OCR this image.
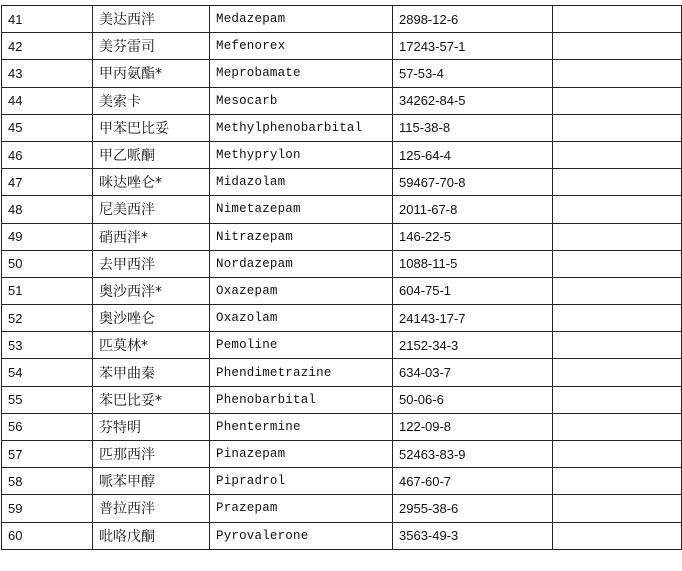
41	美达西泮	Medazepam	2898-12-6	
42	美芬雷司	Mefenorex	17243-57-1	
43	甲丙氨酯*	Meprobamate	57-53-4	
44	美索卡	Mesocarb	34262-84-5	
45	甲苯巴比妥	Methylphenobarbital	115-38-8	
46	甲乙哌酮	Methyprylon	125-64-4	
47	咪达唑仑*	Midazolam	59467-70-8	
48	尼美西泮	Nimetazepam	2011-67-8	
49	硝西泮*	Nitrazepam	146-22-5	
50	去甲西泮	Nordazepam	1088-11-5	
51	奥沙西泮*	Oxazepam	604-75-1	
52	奥沙唑仑	Oxazolam	24143-17-7	
53	匹莫林*	Pemoline	2152-34-3	
54	苯甲曲秦	Phendimetrazine	634-03-7	
55	苯巴比妥*	Phenobarbital	50-06-6	
56	芬特明	Phentermine	122-09-8	
57	匹那西泮	Pinazepam	52463-83-9	
58	哌苯甲醇	Pipradrol	467-60-7	
59	普拉西泮	Prazepam	2955-38-6	
60	吡咯戊酮	Pyrovalerone	3563-49-3	
